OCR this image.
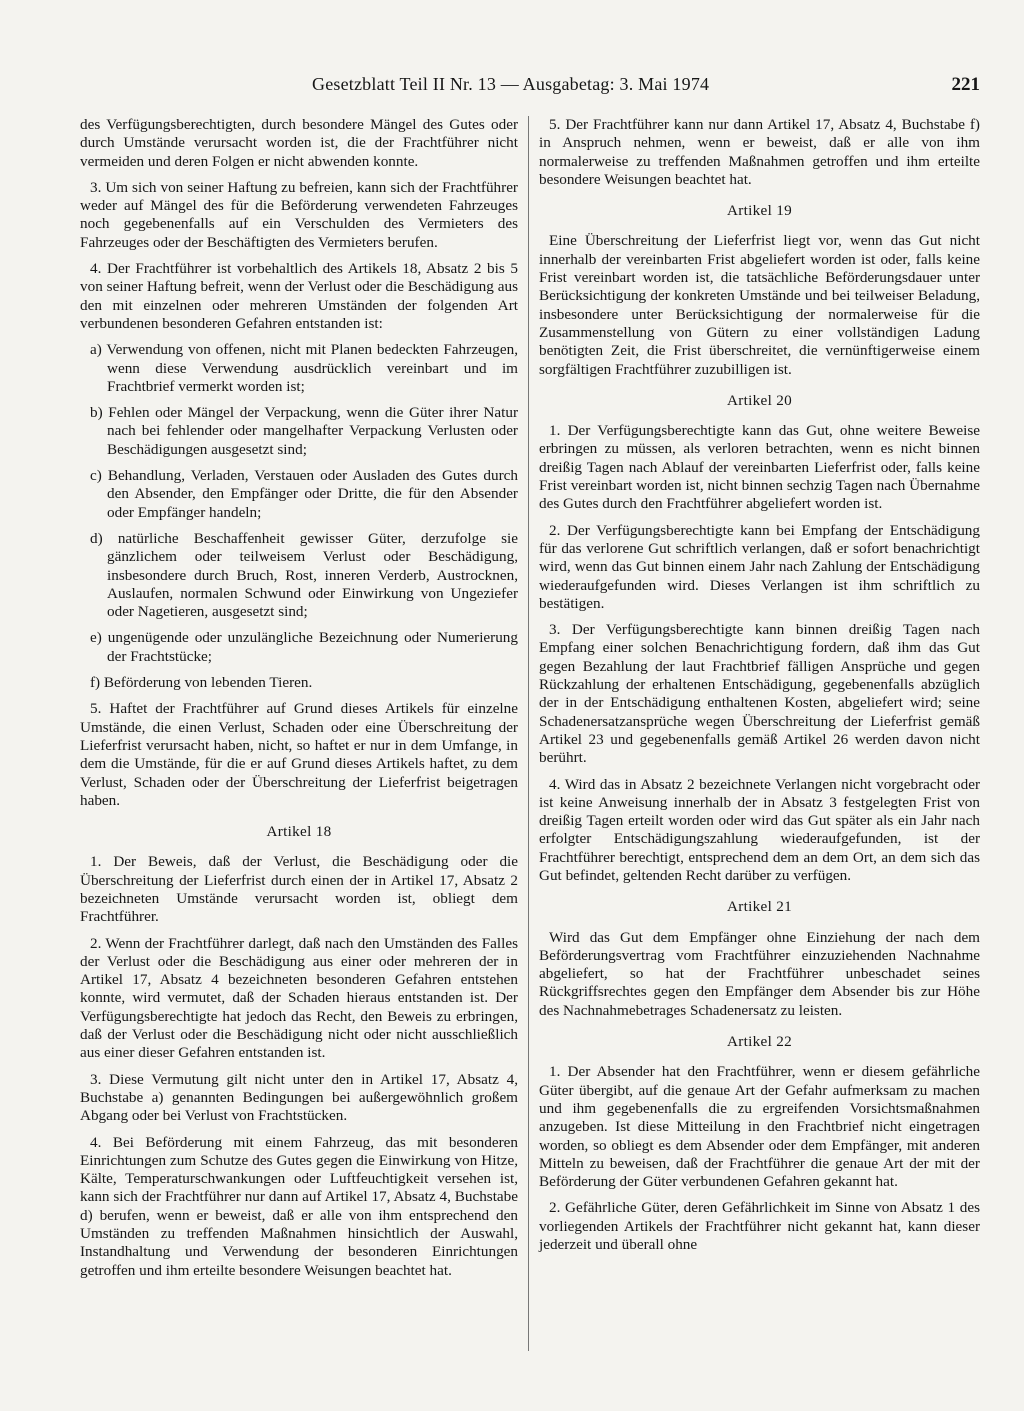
Gesetzblatt Teil II Nr. 13 — Ausgabetag: 3. Mai 1974	221

des Verfügungsberechtigten, durch besondere Mängel des Gutes oder durch Umstände verursacht worden ist, die der Frachtführer nicht vermeiden und deren Folgen er nicht abwenden konnte.

3. Um sich von seiner Haftung zu befreien, kann sich der Frachtführer weder auf Mängel des für die Beförderung verwendeten Fahrzeuges noch gegebenenfalls auf ein Verschulden des Vermieters des Fahrzeuges oder der Beschäftigten des Vermieters berufen.

4. Der Frachtführer ist vorbehaltlich des Artikels 18, Absatz 2 bis 5 von seiner Haftung befreit, wenn der Verlust oder die Beschädigung aus den mit einzelnen oder mehreren Umständen der folgenden Art verbundenen besonderen Gefahren entstanden ist:

a) Verwendung von offenen, nicht mit Planen bedeckten Fahrzeugen, wenn diese Verwendung ausdrücklich vereinbart und im Frachtbrief vermerkt worden ist;

b) Fehlen oder Mängel der Verpackung, wenn die Güter ihrer Natur nach bei fehlender oder mangelhafter Verpackung Verlusten oder Beschädigungen ausgesetzt sind;

c) Behandlung, Verladen, Verstauen oder Ausladen des Gutes durch den Absender, den Empfänger oder Dritte, die für den Absender oder Empfänger handeln;

d) natürliche Beschaffenheit gewisser Güter, derzufolge sie gänzlichem oder teilweisem Verlust oder Beschädigung, insbesondere durch Bruch, Rost, inneren Verderb, Austrocknen, Auslaufen, normalen Schwund oder Einwirkung von Ungeziefer oder Nagetieren, ausgesetzt sind;

e) ungenügende oder unzulängliche Bezeichnung oder Numerierung der Frachtstücke;

f) Beförderung von lebenden Tieren.

5. Haftet der Frachtführer auf Grund dieses Artikels für einzelne Umstände, die einen Verlust, Schaden oder eine Überschreitung der Lieferfrist verursacht haben, nicht, so haftet er nur in dem Umfange, in dem die Umstände, für die er auf Grund dieses Artikels haftet, zu dem Verlust, Schaden oder der Überschreitung der Lieferfrist beigetragen haben.

Artikel 18

1. Der Beweis, daß der Verlust, die Beschädigung oder die Überschreitung der Lieferfrist durch einen der in Artikel 17, Absatz 2 bezeichneten Umstände verursacht worden ist, obliegt dem Frachtführer.

2. Wenn der Frachtführer darlegt, daß nach den Umständen des Falles der Verlust oder die Beschädigung aus einer oder mehreren der in Artikel 17, Absatz 4 bezeichneten besonderen Gefahren entstehen konnte, wird vermutet, daß der Schaden hieraus entstanden ist. Der Verfügungsberechtigte hat jedoch das Recht, den Beweis zu erbringen, daß der Verlust oder die Beschädigung nicht oder nicht ausschließlich aus einer dieser Gefahren entstanden ist.

3. Diese Vermutung gilt nicht unter den in Artikel 17, Absatz 4, Buchstabe a) genannten Bedingungen bei außergewöhnlich großem Abgang oder bei Verlust von Frachtstücken.

4. Bei Beförderung mit einem Fahrzeug, das mit besonderen Einrichtungen zum Schutze des Gutes gegen die Einwirkung von Hitze, Kälte, Temperaturschwankungen oder Luftfeuchtigkeit versehen ist, kann sich der Frachtführer nur dann auf Artikel 17, Absatz 4, Buchstabe d) berufen, wenn er beweist, daß er alle von ihm entsprechend den Umständen zu treffenden Maßnahmen hinsichtlich der Auswahl, Instandhaltung und Verwendung der besonderen Einrichtungen getroffen und ihm erteilte besondere Weisungen beachtet hat.

5. Der Frachtführer kann nur dann Artikel 17, Absatz 4, Buchstabe f) in Anspruch nehmen, wenn er beweist, daß er alle von ihm normalerweise zu treffenden Maßnahmen getroffen und ihm erteilte besondere Weisungen beachtet hat.

Artikel 19

Eine Überschreitung der Lieferfrist liegt vor, wenn das Gut nicht innerhalb der vereinbarten Frist abgeliefert worden ist oder, falls keine Frist vereinbart worden ist, die tatsächliche Beförderungsdauer unter Berücksichtigung der konkreten Umstände und bei teilweiser Beladung, insbesondere unter Berücksichtigung der normalerweise für die Zusammenstellung von Gütern zu einer vollständigen Ladung benötigten Zeit, die Frist überschreitet, die vernünftigerweise einem sorgfältigen Frachtführer zuzubilligen ist.

Artikel 20

1. Der Verfügungsberechtigte kann das Gut, ohne weitere Beweise erbringen zu müssen, als verloren betrachten, wenn es nicht binnen dreißig Tagen nach Ablauf der vereinbarten Lieferfrist oder, falls keine Frist vereinbart worden ist, nicht binnen sechzig Tagen nach Übernahme des Gutes durch den Frachtführer abgeliefert worden ist.

2. Der Verfügungsberechtigte kann bei Empfang der Entschädigung für das verlorene Gut schriftlich verlangen, daß er sofort benachrichtigt wird, wenn das Gut binnen einem Jahr nach Zahlung der Entschädigung wiederaufgefunden wird. Dieses Verlangen ist ihm schriftlich zu bestätigen.

3. Der Verfügungsberechtigte kann binnen dreißig Tagen nach Empfang einer solchen Benachrichtigung fordern, daß ihm das Gut gegen Bezahlung der laut Frachtbrief fälligen Ansprüche und gegen Rückzahlung der erhaltenen Entschädigung, gegebenenfalls abzüglich der in der Entschädigung enthaltenen Kosten, abgeliefert wird; seine Schadenersatzansprüche wegen Überschreitung der Lieferfrist gemäß Artikel 23 und gegebenenfalls gemäß Artikel 26 werden davon nicht berührt.

4. Wird das in Absatz 2 bezeichnete Verlangen nicht vorgebracht oder ist keine Anweisung innerhalb der in Absatz 3 festgelegten Frist von dreißig Tagen erteilt worden oder wird das Gut später als ein Jahr nach erfolgter Entschädigungszahlung wiederaufgefunden, ist der Frachtführer berechtigt, entsprechend dem an dem Ort, an dem sich das Gut befindet, geltenden Recht darüber zu verfügen.

Artikel 21

Wird das Gut dem Empfänger ohne Einziehung der nach dem Beförderungsvertrag vom Frachtführer einzuziehenden Nachnahme abgeliefert, so hat der Frachtführer unbeschadet seines Rückgriffsrechtes gegen den Empfänger dem Absender bis zur Höhe des Nachnahmebetrages Schadenersatz zu leisten.

Artikel 22

1. Der Absender hat den Frachtführer, wenn er diesem gefährliche Güter übergibt, auf die genaue Art der Gefahr aufmerksam zu machen und ihm gegebenenfalls die zu ergreifenden Vorsichtsmaßnahmen anzugeben. Ist diese Mitteilung in den Frachtbrief nicht eingetragen worden, so obliegt es dem Absender oder dem Empfänger, mit anderen Mitteln zu beweisen, daß der Frachtführer die genaue Art der mit der Beförderung der Güter verbundenen Gefahren gekannt hat.

2. Gefährliche Güter, deren Gefährlichkeit im Sinne von Absatz 1 des vorliegenden Artikels der Frachtführer nicht gekannt hat, kann dieser jederzeit und überall ohne
